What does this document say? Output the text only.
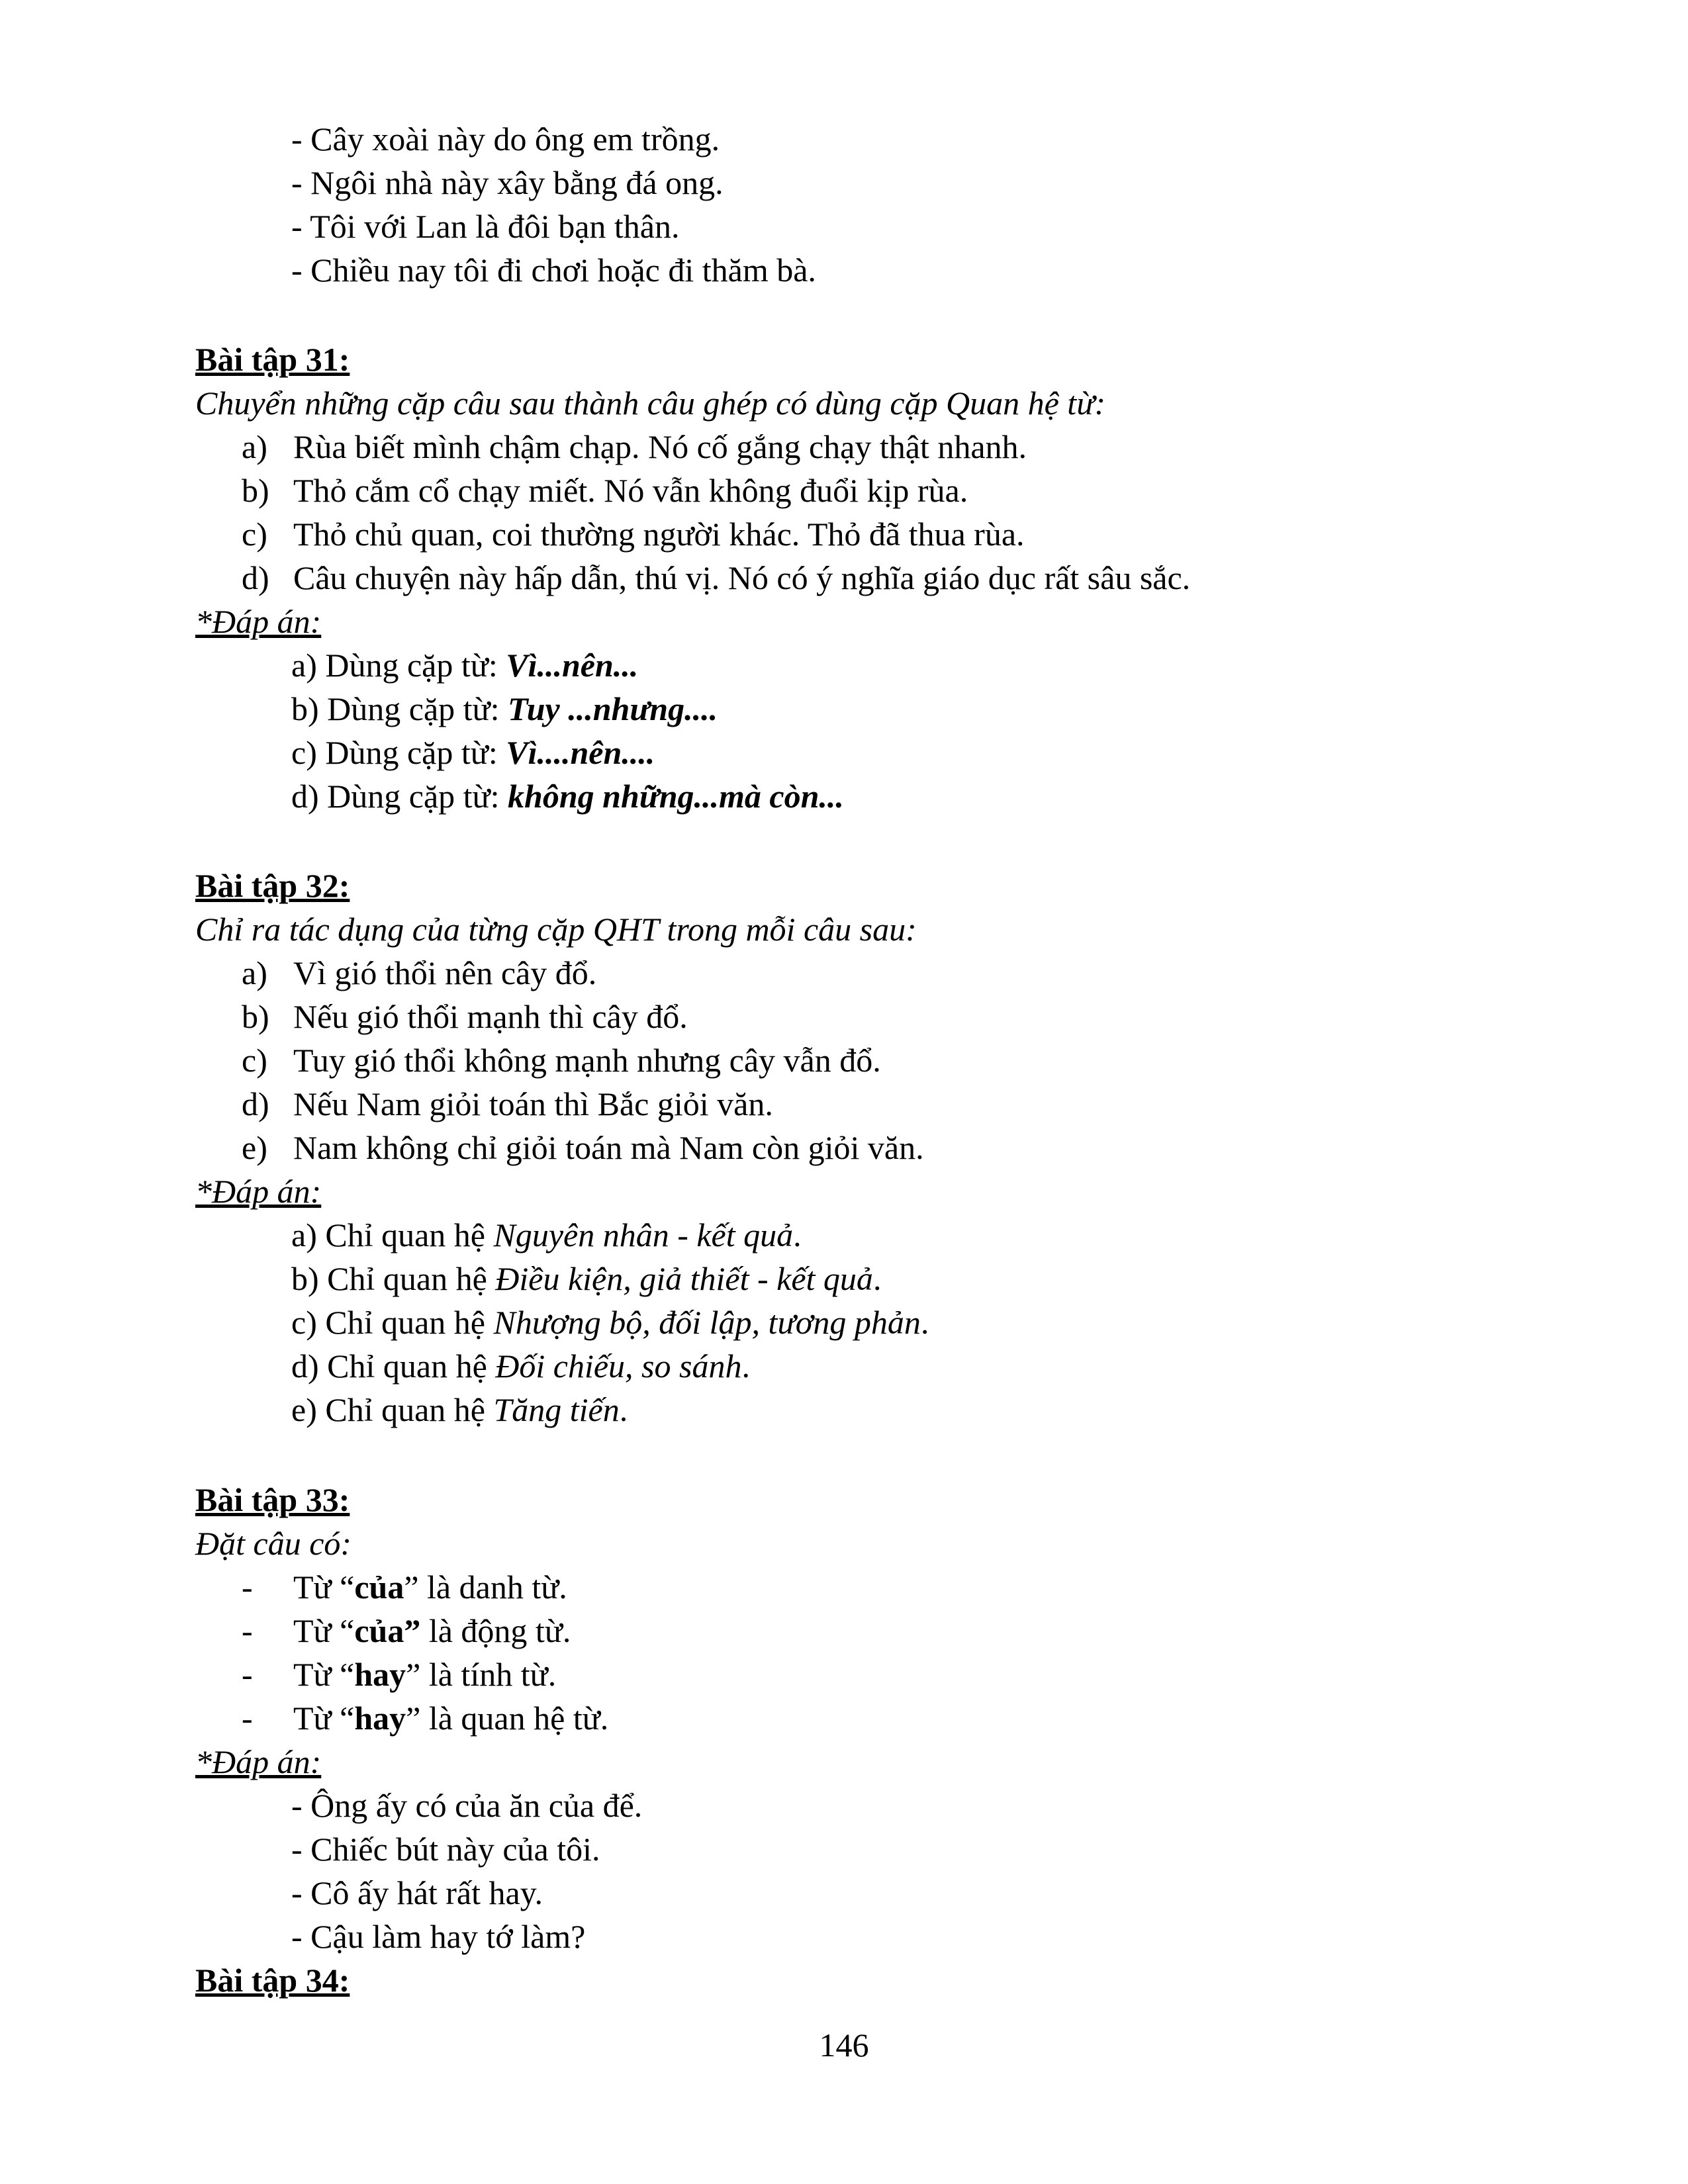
- Cây xoài này do ông em trồng.

- Ngôi nhà này xây bằng đá ong.

- Tôi với Lan là đôi bạn thân.

- Chiều nay tôi đi chơi hoặc đi thăm bà.

Bài tập 31:

Chuyển những cặp câu sau thành câu ghép có dùng cặp Quan hệ từ:

a) Rùa biết mình chậm chạp. Nó cố gắng chạy thật nhanh.

b) Thỏ cắm cổ chạy miết. Nó vẫn không đuổi kịp rùa.

c) Thỏ chủ quan, coi thường người khác. Thỏ đã thua rùa.

d) Câu chuyện này hấp dẫn, thú vị. Nó có ý nghĩa giáo dục rất sâu sắc.

*Đáp án:

a) Dùng cặp từ: Vì...nên...

b) Dùng cặp từ: Tuy ...nhưng....

c) Dùng cặp từ: Vì....nên....

d) Dùng cặp từ: không những...mà còn...

Bài tập 32:

Chỉ ra tác dụng của từng cặp QHT trong mỗi câu sau:

a) Vì gió thổi nên cây đổ.

b) Nếu gió thổi mạnh thì cây đổ.

c) Tuy gió thổi không mạnh nhưng cây vẫn đổ.

d) Nếu Nam giỏi toán thì Bắc giỏi văn.

e) Nam không chỉ giỏi toán mà Nam còn giỏi văn.

*Đáp án:

a) Chỉ quan hệ Nguyên nhân - kết quả.

b) Chỉ quan hệ Điều kiện, giả thiết - kết quả.

c) Chỉ quan hệ Nhượng bộ, đối lập, tương phản.

d) Chỉ quan hệ Đối chiếu, so sánh.

e) Chỉ quan hệ Tăng tiến.

Bài tập 33:

Đặt câu có:

- Từ “của” là danh từ.

- Từ “của” là động từ.

- Từ “hay” là tính từ.

- Từ “hay” là quan hệ từ.

*Đáp án:

- Ông ấy có của ăn của để.

- Chiếc bút này của tôi.

- Cô ấy hát rất hay.

- Cậu làm hay tớ làm?

Bài tập 34:

146
